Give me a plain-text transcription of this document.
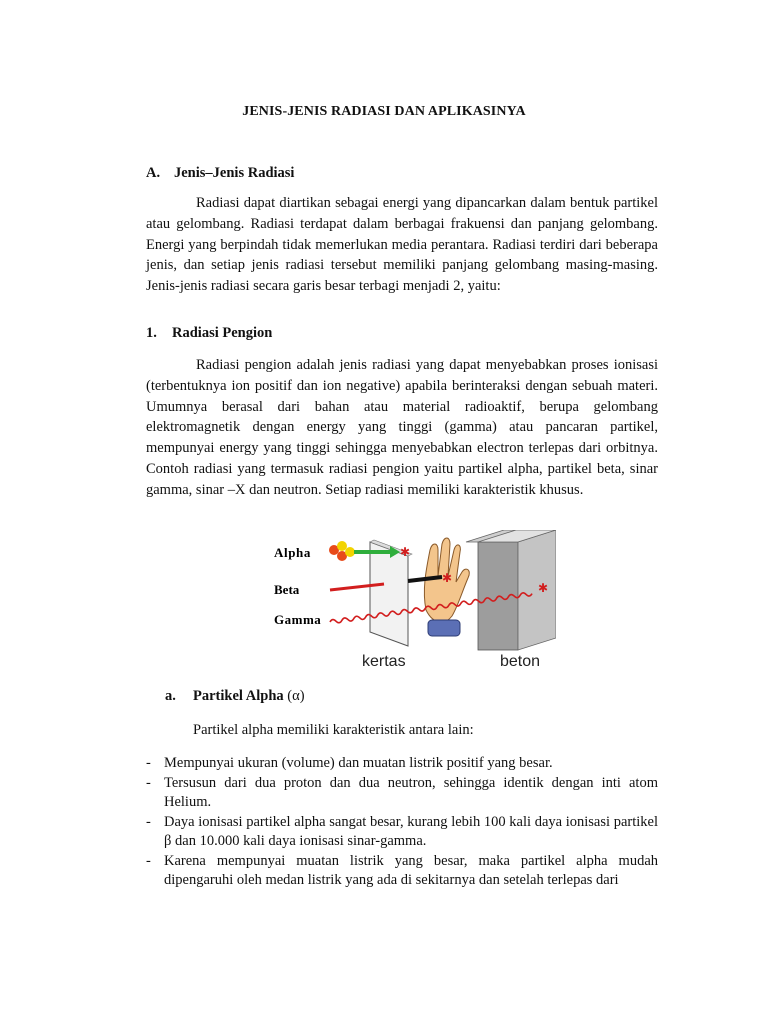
JENIS-JENIS RADIASI DAN APLIKASINYA
A. Jenis–Jenis Radiasi
Radiasi dapat diartikan sebagai energi yang dipancarkan dalam bentuk partikel atau gelombang. Radiasi terdapat dalam berbagai frakuensi dan panjang gelombang. Energi yang berpindah tidak memerlukan media perantara. Radiasi terdiri dari beberapa jenis, dan setiap jenis radiasi tersebut memiliki panjang gelombang masing-masing. Jenis-jenis radiasi secara garis besar terbagi menjadi 2, yaitu:
1. Radiasi Pengion
Radiasi pengion adalah jenis radiasi yang dapat menyebabkan proses ionisasi (terbentuknya ion positif dan ion negative) apabila berinteraksi dengan sebuah materi. Umumnya berasal dari bahan atau material radioaktif, berupa gelombang elektromagnetik dengan energy yang tinggi (gamma) atau pancaran partikel, mempunyai energy yang tinggi sehingga menyebabkan electron terlepas dari orbitnya. Contoh radiasi yang termasuk radiasi pengion yaitu partikel alpha, partikel beta, sinar gamma, sinar –X dan neutron. Setiap radiasi memiliki karakteristik khusus.
Alpha
Beta
Gamma
✱
✱
✱
kertas	beton
a. Partikel Alpha (α)
Partikel alpha memiliki karakteristik antara lain:
- Mempunyai ukuran (volume) dan muatan listrik positif yang besar.
- Tersusun dari dua proton dan dua neutron, sehingga identik dengan inti atom Helium.
- Daya ionisasi partikel alpha sangat besar, kurang lebih 100 kali daya ionisasi partikel β dan 10.000 kali daya ionisasi sinar-gamma.
- Karena mempunyai muatan listrik yang besar, maka partikel alpha mudah dipengaruhi oleh medan listrik yang ada di sekitarnya dan setelah terlepas dari
